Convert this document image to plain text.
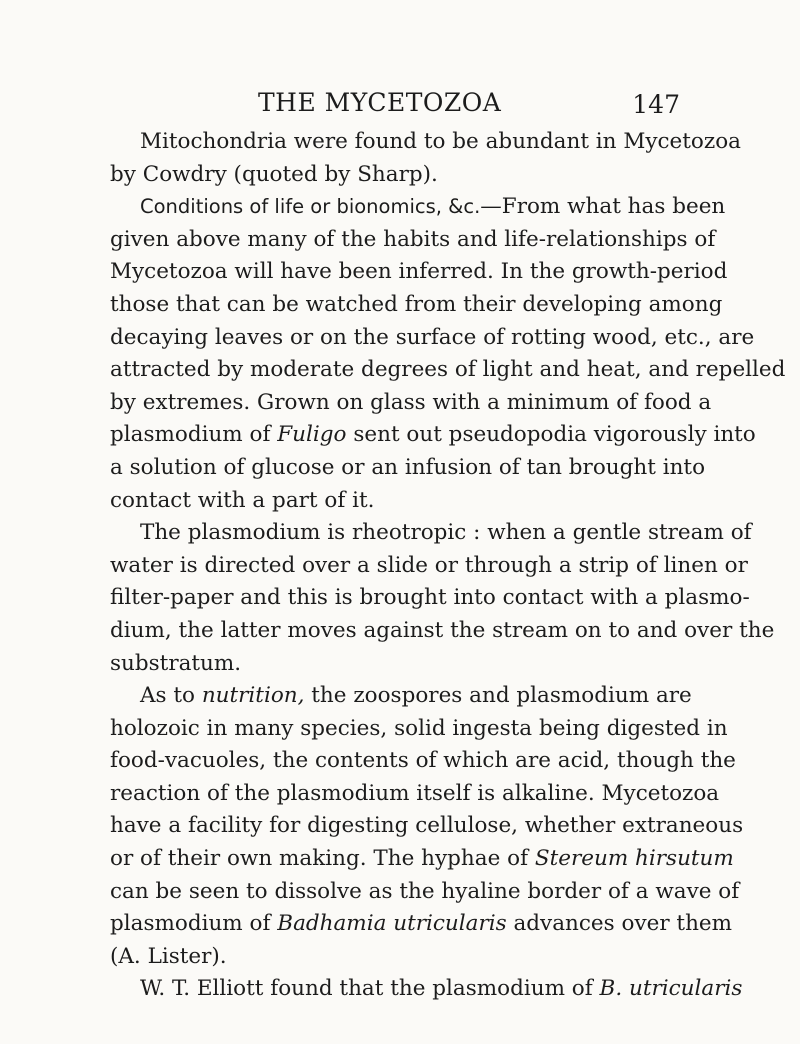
THE MYCETOZOA	147
Mitochondria were found to be abundant in Mycetozoa
by Cowdry (quoted by Sharp).
Conditions of life or bionomics, &c.—From what has been
given above many of the habits and life-relationships of
Mycetozoa will have been inferred. In the growth-period
those that can be watched from their developing among
decaying leaves or on the surface of rotting wood, etc., are
attracted by moderate degrees of light and heat, and repelled
by extremes. Grown on glass with a minimum of food a
plasmodium of Fuligo sent out pseudopodia vigorously into
a solution of glucose or an infusion of tan brought into
contact with a part of it.
The plasmodium is rheotropic : when a gentle stream of
water is directed over a slide or through a strip of linen or
filter-paper and this is brought into contact with a plasmo-
dium, the latter moves against the stream on to and over the
substratum.
As to nutrition, the zoospores and plasmodium are
holozoic in many species, solid ingesta being digested in
food-vacuoles, the contents of which are acid, though the
reaction of the plasmodium itself is alkaline. Mycetozoa
have a facility for digesting cellulose, whether extraneous
or of their own making. The hyphae of Stereum hirsutum
can be seen to dissolve as the hyaline border of a wave of
plasmodium of Badhamia utricularis advances over them
(A. Lister).
W. T. Elliott found that the plasmodium of B. utricularis
